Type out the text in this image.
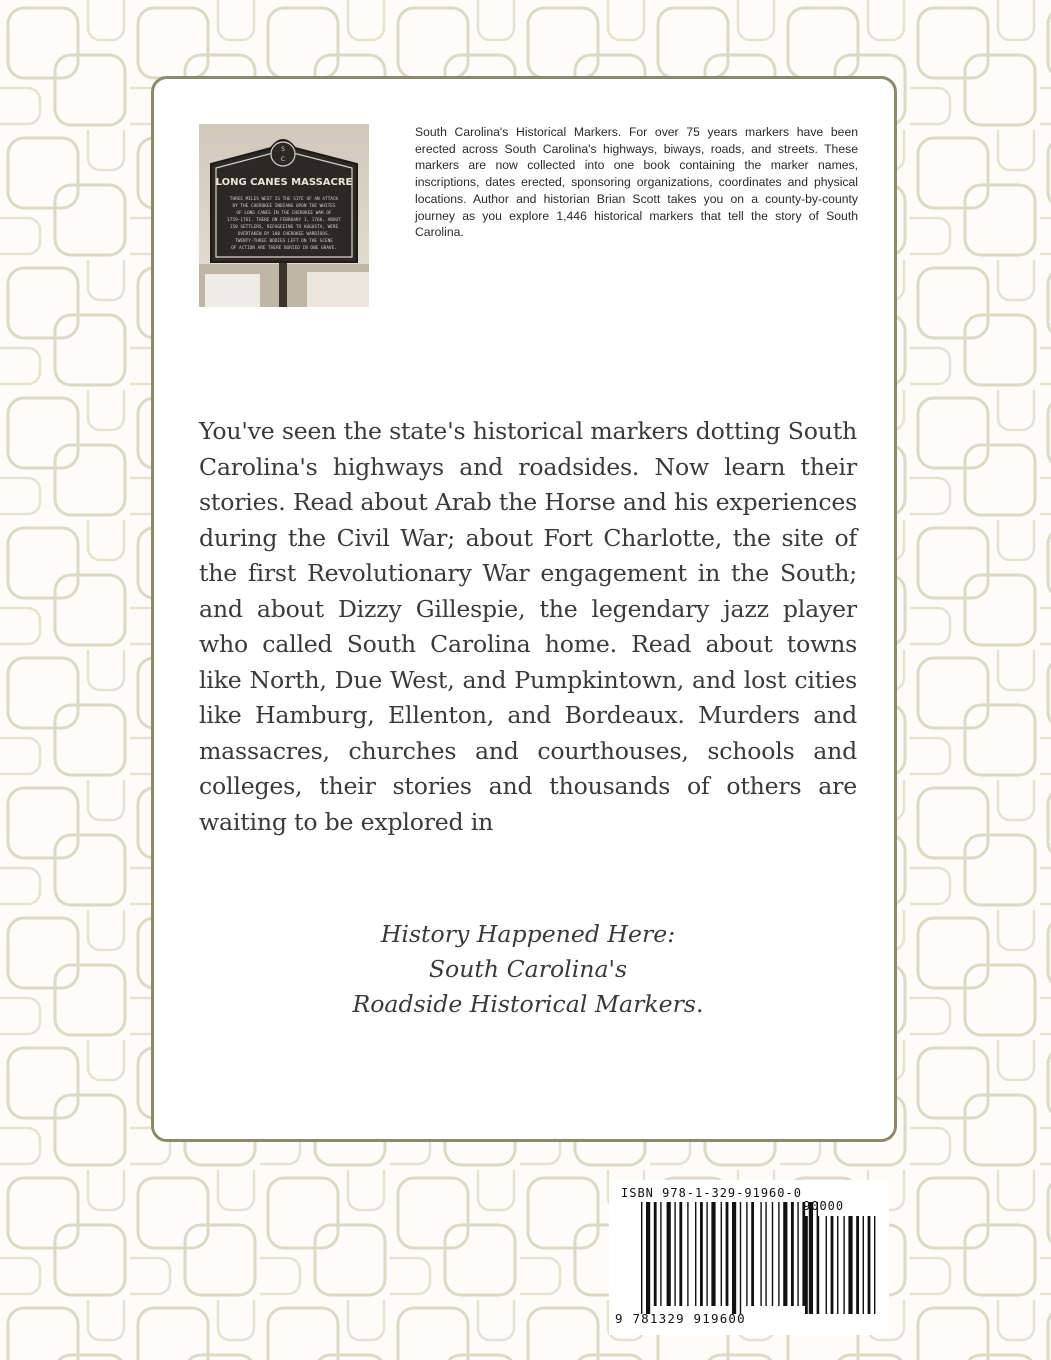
S
C
LONG CANES MASSACRE
THREE MILES WEST IS THE SITE OF AN ATTACK
BY THE CHEROKEE INDIANS UPON THE WHITES
OF LONG CANES IN THE CHEROKEE WAR OF
1759-1761. THERE ON FEBRUARY 1, 1760, ABOUT
150 SETTLERS, REFUGEEING TO AUGUSTA, WERE
OVERTAKEN BY 100 CHEROKEE WARRIORS.
TWENTY-THREE BODIES LEFT ON THE SCENE
OF ACTION ARE THERE BURIED IN ONE GRAVE.

South Carolina's Historical Markers. For over 75 years markers have been erected across South Carolina's highways, biways, roads, and streets. These markers are now collected into one book containing the marker names, inscriptions, dates erected, sponsoring organizations, coordinates and physical locations. Author and historian Brian Scott takes you on a county-by-county journey as you explore 1,446 historical markers that tell the story of South Carolina.

You've seen the state's historical markers dotting South Carolina's highways and roadsides. Now learn their stories. Read about Arab the Horse and his experiences during the Civil War; about Fort Charlotte, the site of the first Revolutionary War engagement in the South; and about Dizzy Gillespie, the legendary jazz player who called South Carolina home. Read about towns like North, Due West, and Pumpkintown, and lost cities like Hamburg, Ellenton, and Bordeaux. Murders and massacres, churches and courthouses, schools and colleges, their stories and thousands of others are waiting to be explored in

History Happened Here:
South Carolina's
Roadside Historical Markers.
ISBN 978-1-329-91960-0
90000
9 781329 919600
